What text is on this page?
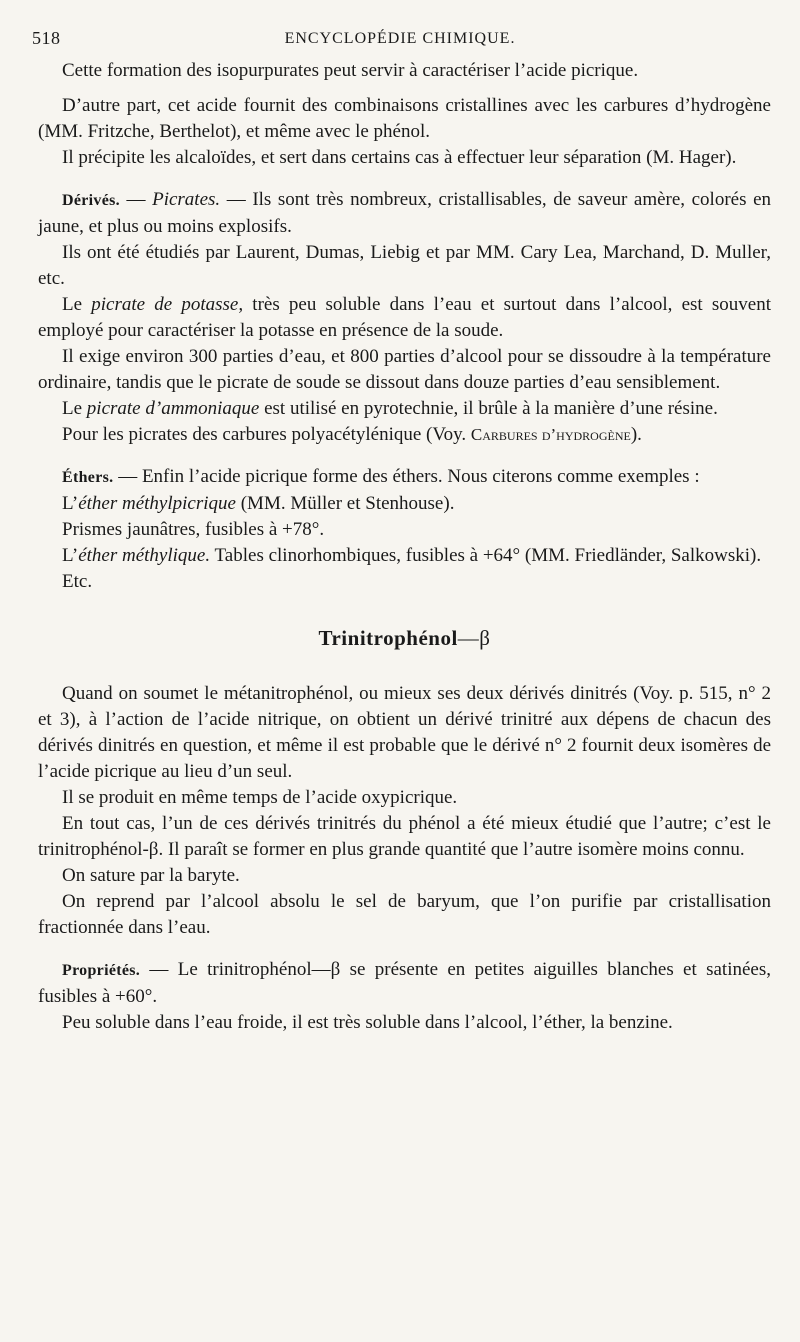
518	ENCYCLOPÉDIE CHIMIQUE.

Cette formation des isopurpurates peut servir à caractériser l’acide picrique.

D’autre part, cet acide fournit des combinaisons cristallines avec les carbures d’hydrogène (MM. Fritzche, Berthelot), et même avec le phénol.

Il précipite les alcaloïdes, et sert dans certains cas à effectuer leur séparation (M. Hager).

Dérivés. — Picrates. — Ils sont très nombreux, cristallisables, de saveur amère, colorés en jaune, et plus ou moins explosifs.

Ils ont été étudiés par Laurent, Dumas, Liebig et par MM. Cary Lea, Marchand, D. Muller, etc.

Le picrate de potasse, très peu soluble dans l’eau et surtout dans l’alcool, est souvent employé pour caractériser la potasse en présence de la soude.

Il exige environ 300 parties d’eau, et 800 parties d’alcool pour se dissoudre à la température ordinaire, tandis que le picrate de soude se dissout dans douze parties d’eau sensiblement.

Le picrate d’ammoniaque est utilisé en pyrotechnie, il brûle à la manière d’une résine.

Pour les picrates des carbures polyacétylénique (Voy. Carbures d’hydrogène).

Éthers. — Enfin l’acide picrique forme des éthers. Nous citerons comme exemples :

L’éther méthylpicrique (MM. Müller et Stenhouse).

Prismes jaunâtres, fusibles à +78°.

L’éther méthylique. Tables clinorhombiques, fusibles à +64° (MM. Friedländer, Salkowski).

Etc.

Trinitrophénol—β

Quand on soumet le métanitrophénol, ou mieux ses deux dérivés dinitrés (Voy. p. 515, n° 2 et 3), à l’action de l’acide nitrique, on obtient un dérivé trinitré aux dépens de chacun des dérivés dinitrés en question, et même il est probable que le dérivé n° 2 fournit deux isomères de l’acide picrique au lieu d’un seul.

Il se produit en même temps de l’acide oxypicrique.

En tout cas, l’un de ces dérivés trinitrés du phénol a été mieux étudié que l’autre; c’est le trinitrophénol-β. Il paraît se former en plus grande quantité que l’autre isomère moins connu.

On sature par la baryte.

On reprend par l’alcool absolu le sel de baryum, que l’on purifie par cristallisation fractionnée dans l’eau.

Propriétés. — Le trinitrophénol—β se présente en petites aiguilles blanches et satinées, fusibles à +60°.

Peu soluble dans l’eau froide, il est très soluble dans l’alcool, l’éther, la benzine.
